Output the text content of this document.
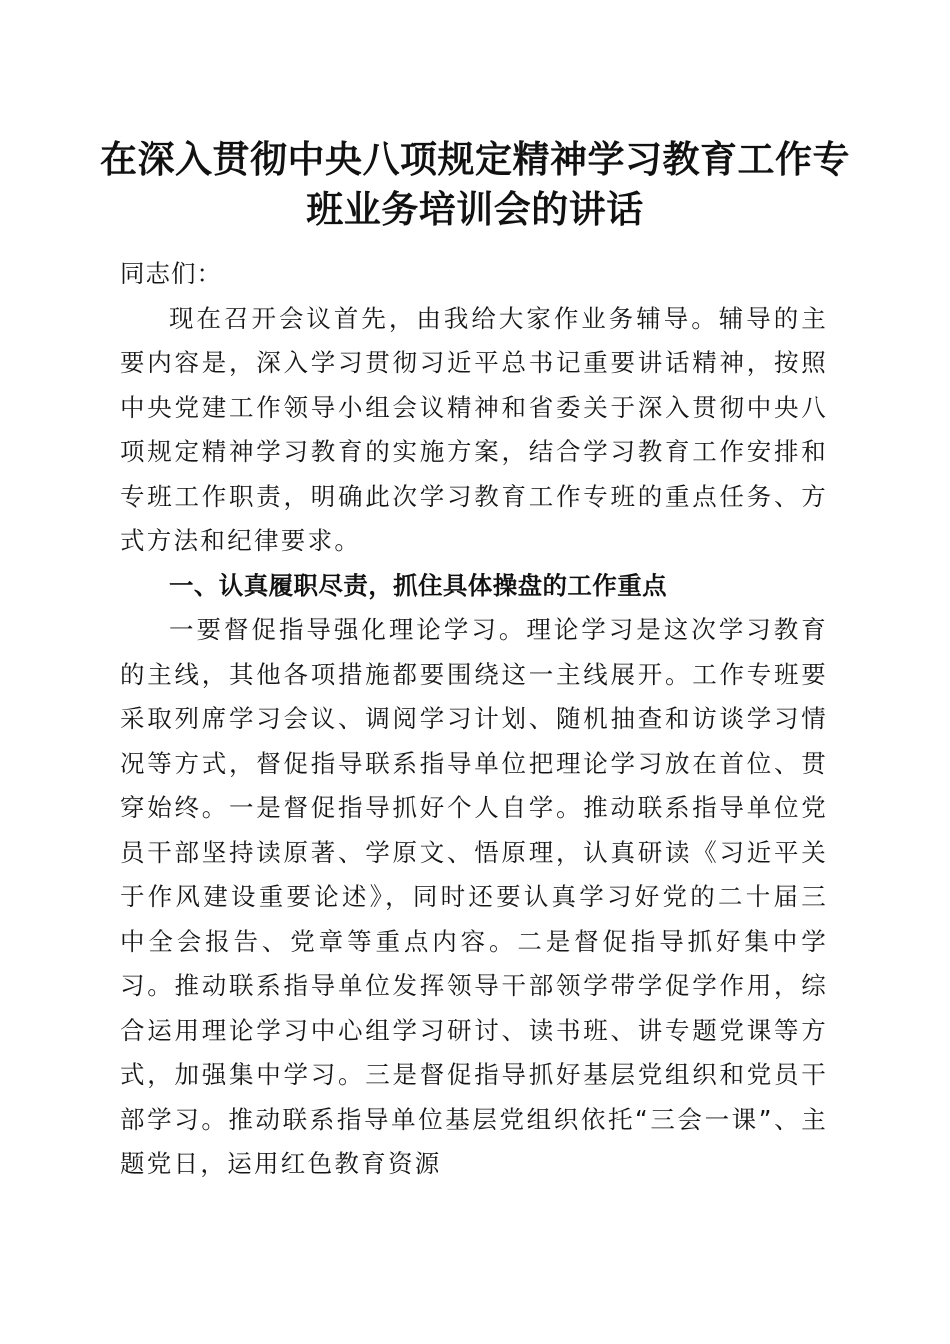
在深入贯彻中央八项规定精神学习教育工作专
班业务培训会的讲话

同志们：

现在召开会议首先，由我给大家作业务辅导。辅导的主要内容是，深入学习贯彻习近平总书记重要讲话精神，按照中央党建工作领导小组会议精神和省委关于深入贯彻中央八项规定精神学习教育的实施方案，结合学习教育工作安排和专班工作职责，明确此次学习教育工作专班的重点任务、方式方法和纪律要求。

一、认真履职尽责，抓住具体操盘的工作重点

一要督促指导强化理论学习。理论学习是这次学习教育的主线，其他各项措施都要围绕这一主线展开。工作专班要采取列席学习会议、调阅学习计划、随机抽查和访谈学习情况等方式，督促指导联系指导单位把理论学习放在首位、贯穿始终。一是督促指导抓好个人自学。推动联系指导单位党员干部坚持读原著、学原文、悟原理，认真研读《习近平关于作风建设重要论述》，同时还要认真学习好党的二十届三中全会报告、党章等重点内容。二是督促指导抓好集中学习。推动联系指导单位发挥领导干部领学带学促学作用，综合运用理论学习中心组学习研讨、读书班、讲专题党课等方式，加强集中学习。三是督促指导抓好基层党组织和党员干部学习。推动联系指导单位基层党组织依托“三会一课”、主题党日，运用红色教育资源
